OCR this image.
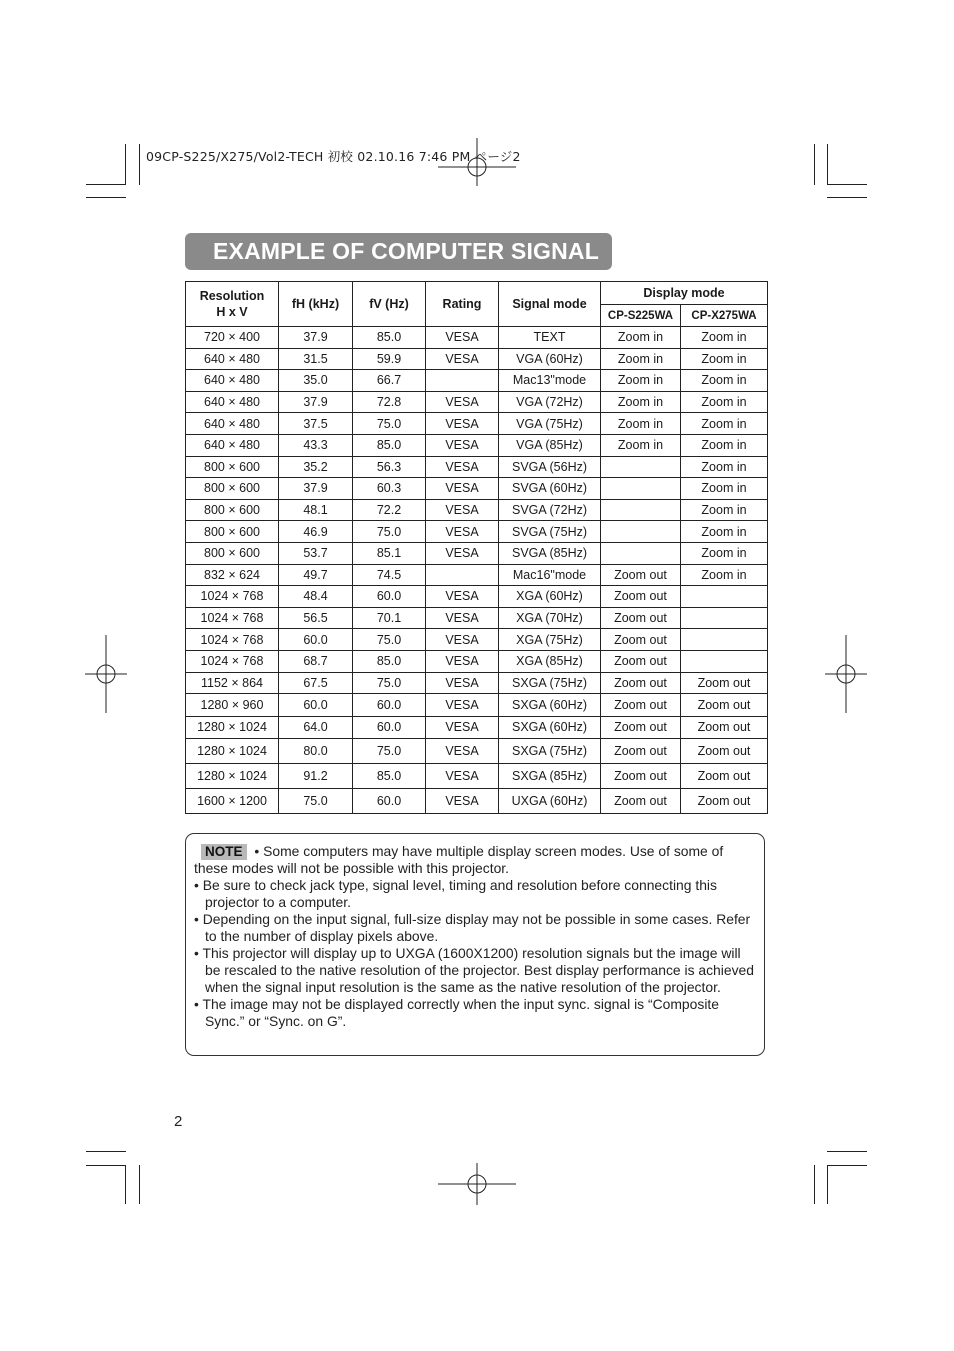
09CP-S225/X275/Vol2-TECH 初校 02.10.16 7:46 PM ページ2
EXAMPLE OF COMPUTER SIGNAL
Resolution
H x V	fH (kHz)	fV (Hz)	Rating	Signal mode	Display mode	
					CP-S225WA	CP-X275WA
720 × 400	37.9	85.0	VESA	TEXT	Zoom in	Zoom in
640 × 480	31.5	59.9	VESA	VGA (60Hz)	Zoom in	Zoom in
640 × 480	35.0	66.7		Mac13"mode	Zoom in	Zoom in
640 × 480	37.9	72.8	VESA	VGA (72Hz)	Zoom in	Zoom in
640 × 480	37.5	75.0	VESA	VGA (75Hz)	Zoom in	Zoom in
640 × 480	43.3	85.0	VESA	VGA (85Hz)	Zoom in	Zoom in
800 × 600	35.2	56.3	VESA	SVGA (56Hz)		Zoom in
800 × 600	37.9	60.3	VESA	SVGA (60Hz)		Zoom in
800 × 600	48.1	72.2	VESA	SVGA (72Hz)		Zoom in
800 × 600	46.9	75.0	VESA	SVGA (75Hz)		Zoom in
800 × 600	53.7	85.1	VESA	SVGA (85Hz)		Zoom in
832 × 624	49.7	74.5		Mac16"mode	Zoom out	Zoom in
1024 × 768	48.4	60.0	VESA	XGA (60Hz)	Zoom out	
1024 × 768	56.5	70.1	VESA	XGA (70Hz)	Zoom out	
1024 × 768	60.0	75.0	VESA	XGA (75Hz)	Zoom out	
1024 × 768	68.7	85.0	VESA	XGA (85Hz)	Zoom out	
1152 × 864	67.5	75.0	VESA	SXGA (75Hz)	Zoom out	Zoom out
1280 × 960	60.0	60.0	VESA	SXGA (60Hz)	Zoom out	Zoom out
1280 × 1024	64.0	60.0	VESA	SXGA (60Hz)	Zoom out	Zoom out
1280 × 1024	80.0	75.0	VESA	SXGA (75Hz)	Zoom out	Zoom out
1280 × 1024	91.2	85.0	VESA	SXGA (85Hz)	Zoom out	Zoom out
1600 × 1200	75.0	60.0	VESA	UXGA (60Hz)	Zoom out	Zoom out

NOTE • Some computers may have multiple display screen modes. Use of some of these modes will not be possible with this projector.

• Be sure to check jack type, signal level, timing and resolution before connecting this projector to a computer.

• Depending on the input signal, full-size display may not be possible in some cases. Refer to the number of display pixels above.

• This projector will display up to UXGA (1600X1200) resolution signals but the image will be rescaled to the native resolution of the projector. Best display performance is achieved when the signal input resolution is the same as the native resolution of the projector.

• The image may not be displayed correctly when the input sync. signal is “Composite Sync.” or “Sync. on G”.

2
